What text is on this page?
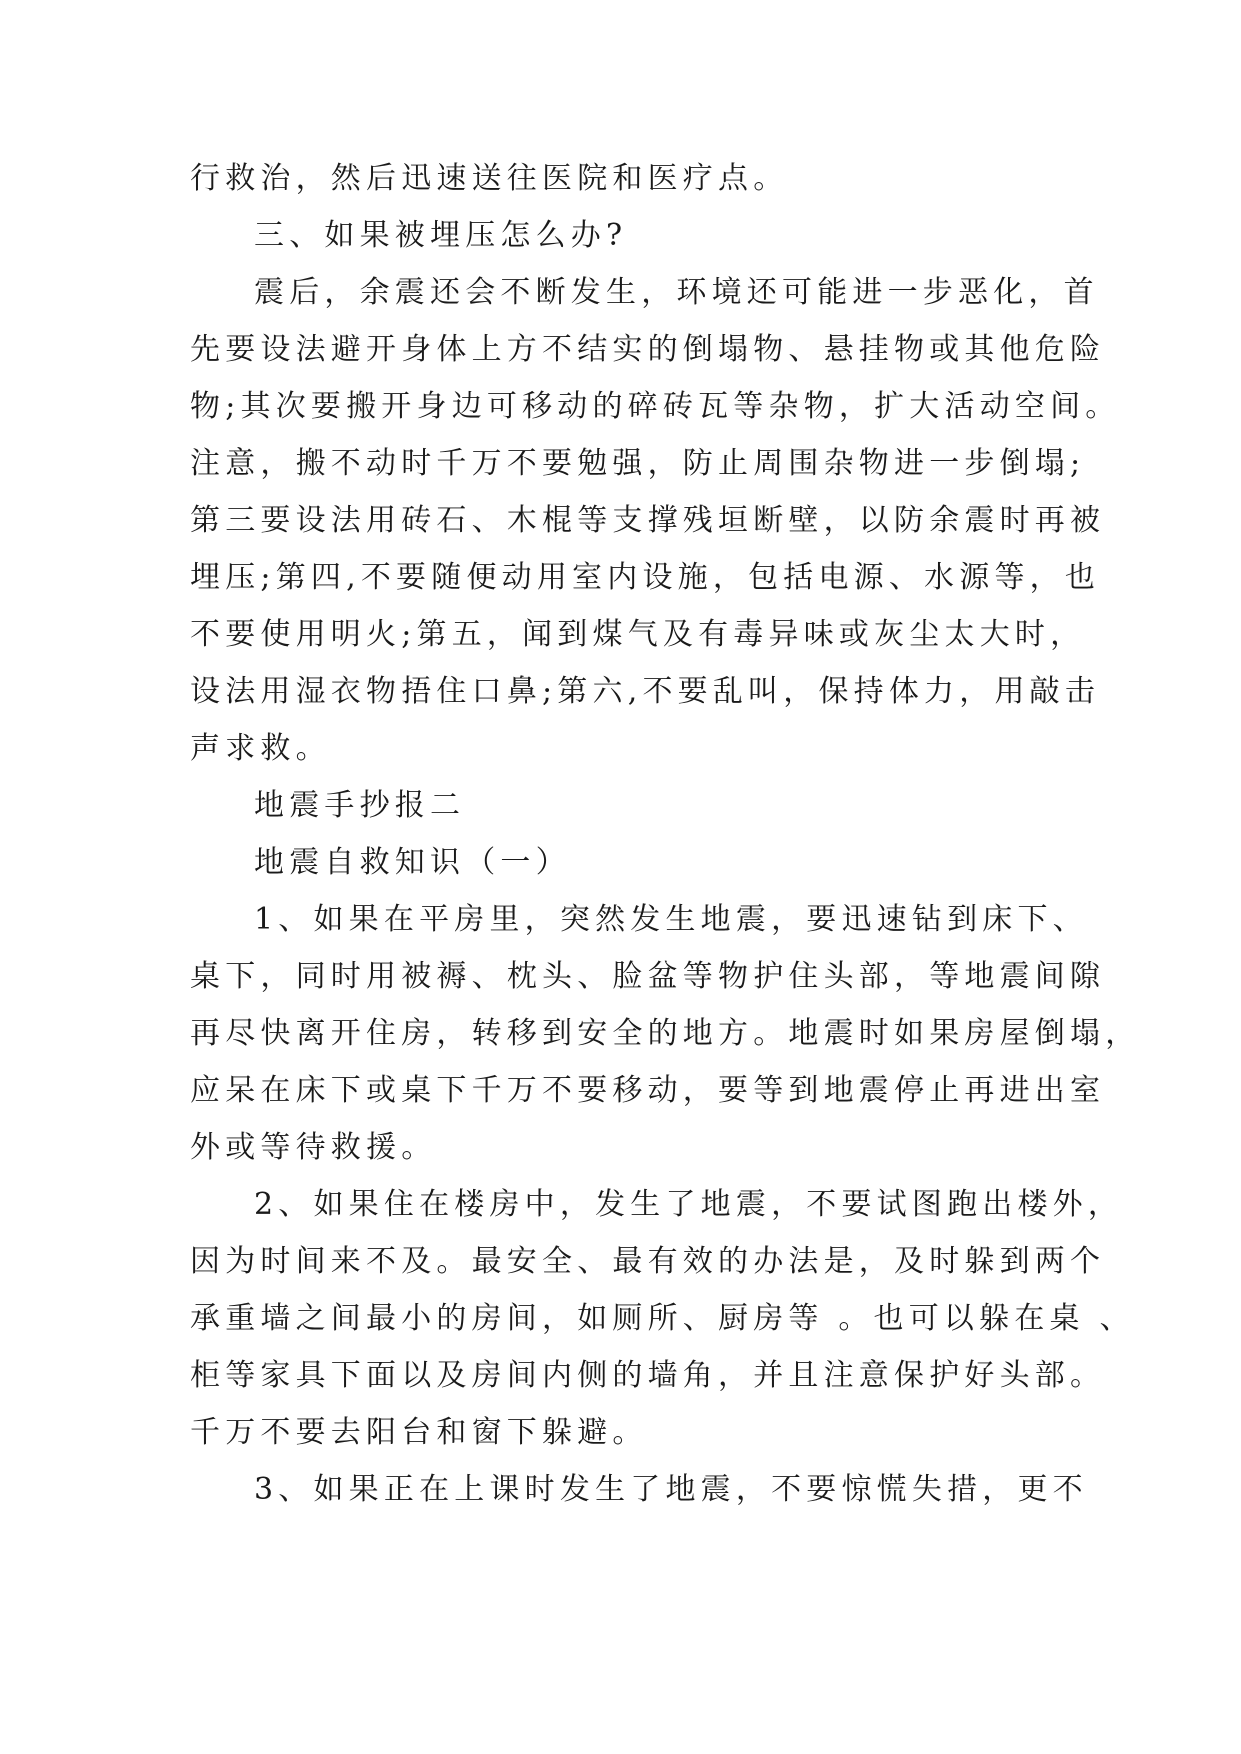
行救治，然后迅速送往医院和医疗点。
三、如果被埋压怎么办?
震后，余震还会不断发生，环境还可能进一步恶化，首
先要设法避开身体上方不结实的倒塌物、悬挂物或其他危险
物;其次要搬开身边可移动的碎砖瓦等杂物，扩大活动空间。
注意，搬不动时千万不要勉强，防止周围杂物进一步倒塌;
第三要设法用砖石、木棍等支撑残垣断壁，以防余震时再被
埋压;第四,不要随便动用室内设施，包括电源、水源等，也
不要使用明火;第五，闻到煤气及有毒异味或灰尘太大时，
设法用湿衣物捂住口鼻;第六,不要乱叫，保持体力，用敲击
声求救。
地震手抄报二
地震自救知识（一）
1、如果在平房里，突然发生地震，要迅速钻到床下、
桌下，同时用被褥、枕头、脸盆等物护住头部，等地震间隙
再尽快离开住房，转移到安全的地方。地震时如果房屋倒塌，
应呆在床下或桌下千万不要移动，要等到地震停止再进出室
外或等待救援。
2、如果住在楼房中，发生了地震，不要试图跑出楼外，
因为时间来不及。最安全、最有效的办法是，及时躲到两个
承重墙之间最小的房间，如厕所、厨房等 。也可以躲在桌 、
柜等家具下面以及房间内侧的墙角，并且注意保护好头部。
千万不要去阳台和窗下躲避。
3、如果正在上课时发生了地震，不要惊慌失措，更不
